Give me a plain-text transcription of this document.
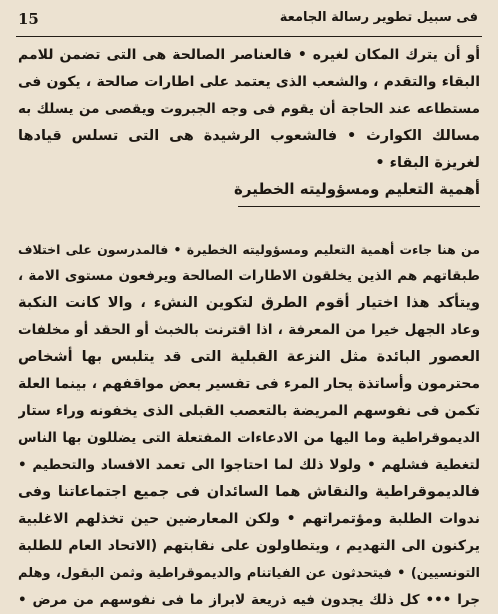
15	فى سبيل تطوير رسالة الجامعة
أو أن يترك المكان لغيره • فالعناصر الصالحة هى التى تضمن للامم
البقاء والتقدم ، والشعب الذى يعتمد على اطارات صالحة ، يكون فى
مستطاعه عند الحاجة أن يقوم فى وجه الجبروت ويقصى من يسلك به
مسالك الكوارث • فالشعوب الرشيدة هى التى تسلس قيادها
لغريزة البقاء •
أهمية التعليم ومسؤوليته الخطيرة
من هنا جاءت أهمية التعليم ومسؤوليته الخطيرة • فالمدرسون على اختلاف
طبقاتهم هم الذين يخلقون الاطارات الصالحة ويرفعون مستوى الامة ،
ويتأكد هذا اختيار أقوم الطرق لتكوين النشء ، والا كانت النكبة
وعاد الجهل خيرا من المعرفة ، اذا اقترنت بالخبث أو الحقد أو مخلفات
العصور البائدة مثل النزعة القبلية التى قد يتلبس بها أشخاص
محترمون وأساتذة يحار المرء فى تفسير بعض مواقفهم ، بينما العلة
تكمن فى نفوسهم المريضة بالتعصب القبلى الذى يخفونه وراء ستار
الديموقراطية وما اليها من الادعاءات المفتعلة التى يضللون بها الناس
لتغطية فشلهم • ولولا ذلك لما احتاجوا الى تعمد الافساد والتحطيم •
فالديموقراطية والنقاش هما السائدان فى جميع اجتماعاتنا وفى
ندوات الطلبة ومؤتمراتهم • ولكن المعارضين حين تخذلهم الاغلبية
يركنون الى التهديم ، ويتطاولون على نقابتهم (الاتحاد العام للطلبة
التونسيين) • فيتحدثون عن الفياتنام والديموقراطية وثمن البقول، وهلم
جرا ••• كل ذلك يجدون فيه ذريعة لابراز ما فى نفوسهم من مرض •
